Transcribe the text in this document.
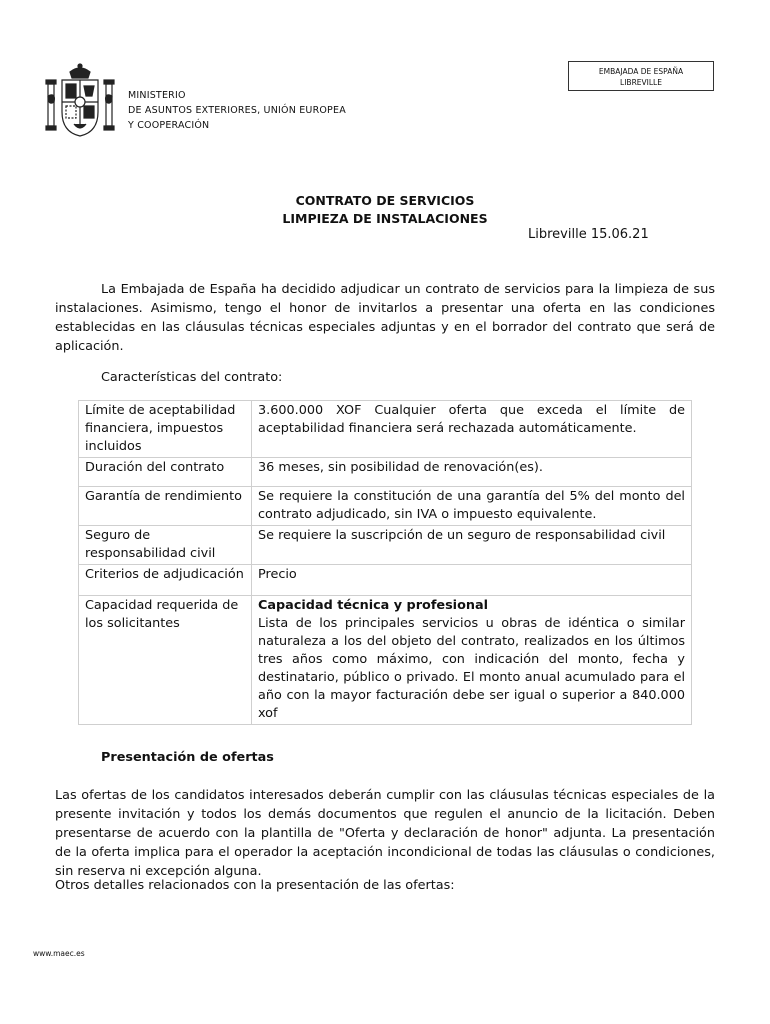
MINISTERIO
DE ASUNTOS EXTERIORES, UNIÓN EUROPEA
Y COOPERACIÓN
EMBAJADA DE ESPAÑA
LIBREVILLE
CONTRATO DE SERVICIOS
LIMPIEZA DE INSTALACIONES
Libreville 15.06.21
La Embajada de España ha decidido adjudicar un contrato de servicios para la limpieza de sus instalaciones. Asimismo, tengo el honor de invitarlos a presentar una oferta en las condiciones establecidas en las cláusulas técnicas especiales adjuntas y en el borrador del contrato que será de aplicación.
Características del contrato:
Límite de aceptabilidad financiera, impuestos incluidos	3.600.000 XOF Cualquier oferta que exceda el límite de aceptabilidad financiera será rechazada automáticamente.
Duración del contrato	36 meses, sin posibilidad de renovación(es).
Garantía de rendimiento	Se requiere la constitución de una garantía del 5% del monto del contrato adjudicado, sin IVA o impuesto equivalente.
Seguro de responsabilidad civil	Se requiere la suscripción de un seguro de responsabilidad civil
Criterios de adjudicación	Precio
Capacidad requerida de los solicitantes	Capacidad técnica y profesional
Lista de los principales servicios u obras de idéntica o similar naturaleza a los del objeto del contrato, realizados en los últimos tres años como máximo, con indicación del monto, fecha y destinatario, público o privado. El monto anual acumulado para el año con la mayor facturación debe ser igual o superior a 840.000 xof
Presentación de ofertas
Las ofertas de los candidatos interesados deberán cumplir con las cláusulas técnicas especiales de la presente invitación y todos los demás documentos que regulen el anuncio de la licitación. Deben presentarse de acuerdo con la plantilla de "Oferta y declaración de honor" adjunta. La presentación de la oferta implica para el operador la aceptación incondicional de todas las cláusulas o condiciones, sin reserva ni excepción alguna.
Otros detalles relacionados con la presentación de las ofertas:
www.maec.es
